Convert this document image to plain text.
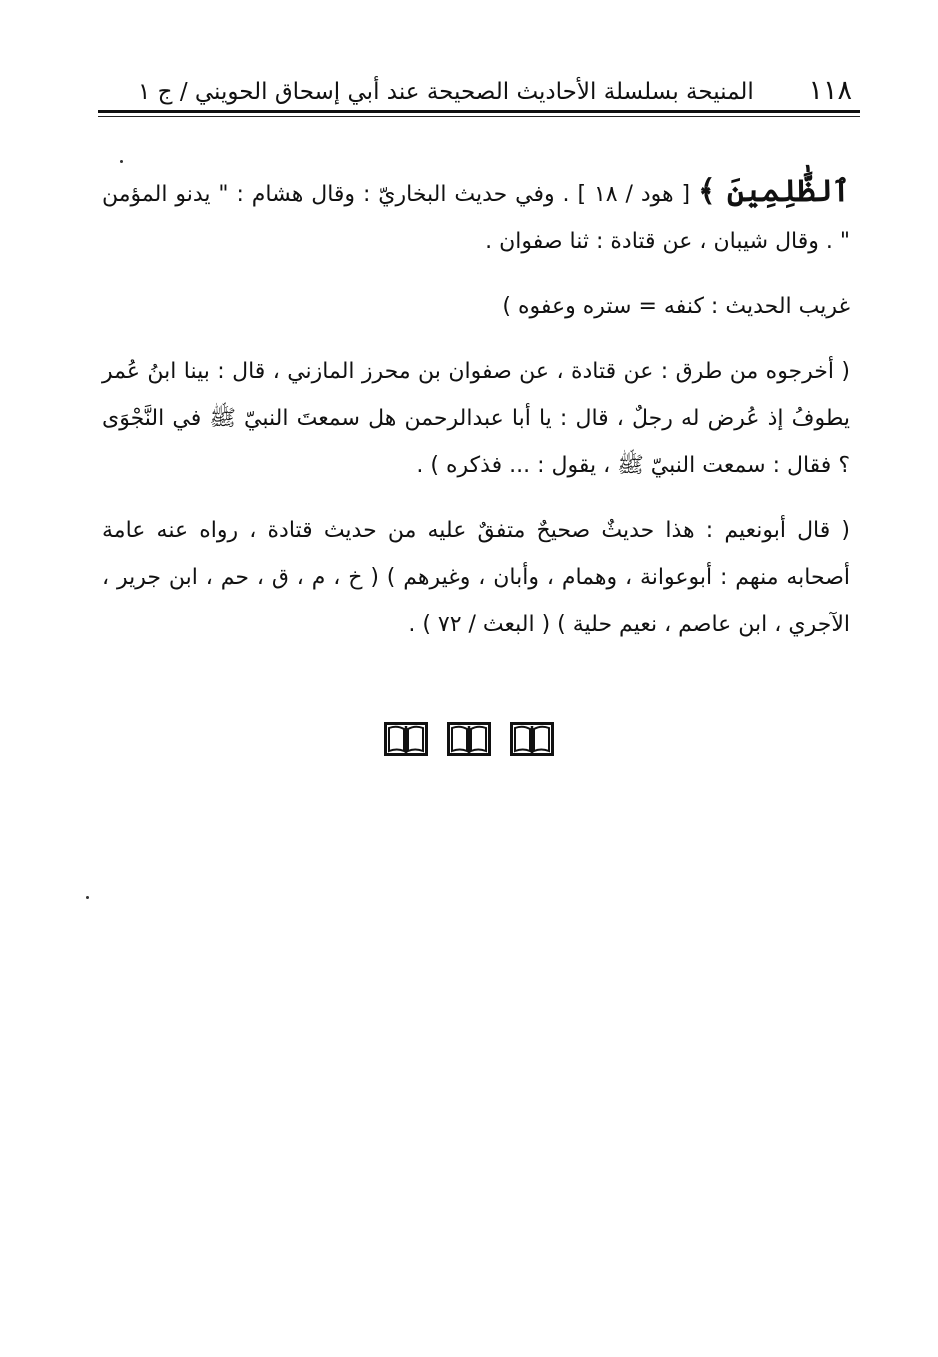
١١٨
المنيحة بسلسلة الأحاديث الصحيحة عند أبي إسحاق الحويني / ج ١

ٱلظَّٰلِمِينَ ﴾ [ هود / ١٨ ] . وفي حديث البخاريّ : وقال هشام : " يدنو المؤمن " . وقال شيبان ، عن قتادة : ثنا صفوان .

غريب الحديث : كنفه = ستره وعفوه )

( أخرجوه من طرق : عن قتادة ، عن صفوان بن محرز المازني ، قال : بينا ابنُ عُمر يطوفُ إذ عُرض له رجلٌ ، قال : يا أبا عبدالرحمن هل سمعتَ النبيّ ﷺ في النَّجْوَى ؟ فقال : سمعت النبيّ ﷺ ، يقول : ... فذكره ) .

( قال أبونعيم : هذا حديثٌ صحيحٌ متفقٌ عليه من حديث قتادة ، رواه عنه عامة أصحابه منهم : أبوعوانة ، وهمام ، وأبان ، وغيرهم ) ( خ ، م ، ق ، حم ، ابن جرير ، الآجري ، ابن عاصم ، نعيم حلية ) ( البعث / ٧٢ ) .
